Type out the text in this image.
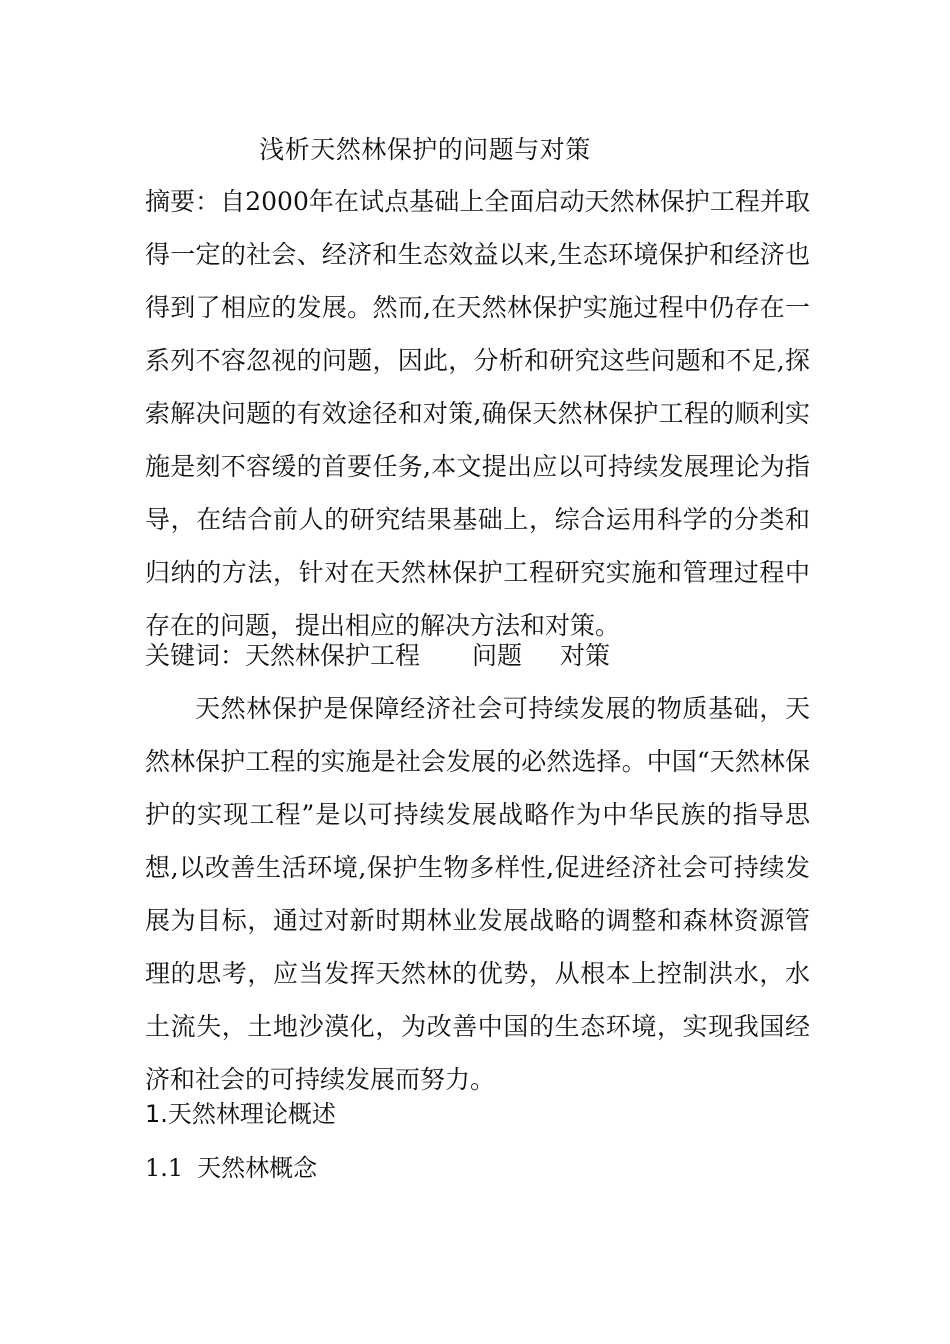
浅析天然林保护的问题与对策
摘要：自2000年在试点基础上全面启动天然林保护工程并取得一定的社会、经济和生态效益以来,生态环境保护和经济也得到了相应的发展。然而,在天然林保护实施过程中仍存在一系列不容忽视的问题，因此，分析和研究这些问题和不足,探索解决问题的有效途径和对策,确保天然林保护工程的顺利实施是刻不容缓的首要任务,本文提出应以可持续发展理论为指导，在结合前人的研究结果基础上，综合运用科学的分类和归纳的方法，针对在天然林保护工程研究实施和管理过程中存在的问题，提出相应的解决方法和对策。
关键词：天然林保护工程 问题 对策
天然林保护是保障经济社会可持续发展的物质基础，天然林保护工程的实施是社会发展的必然选择。中国“天然林保护的实现工程”是以可持续发展战略作为中华民族的指导思想,以改善生活环境,保护生物多样性,促进经济社会可持续发展为目标，通过对新时期林业发展战略的调整和森林资源管理的思考，应当发挥天然林的优势，从根本上控制洪水，水土流失，土地沙漠化，为改善中国的生态环境，实现我国经济和社会的可持续发展而努力。
1.天然林理论概述
1.1 天然林概念
